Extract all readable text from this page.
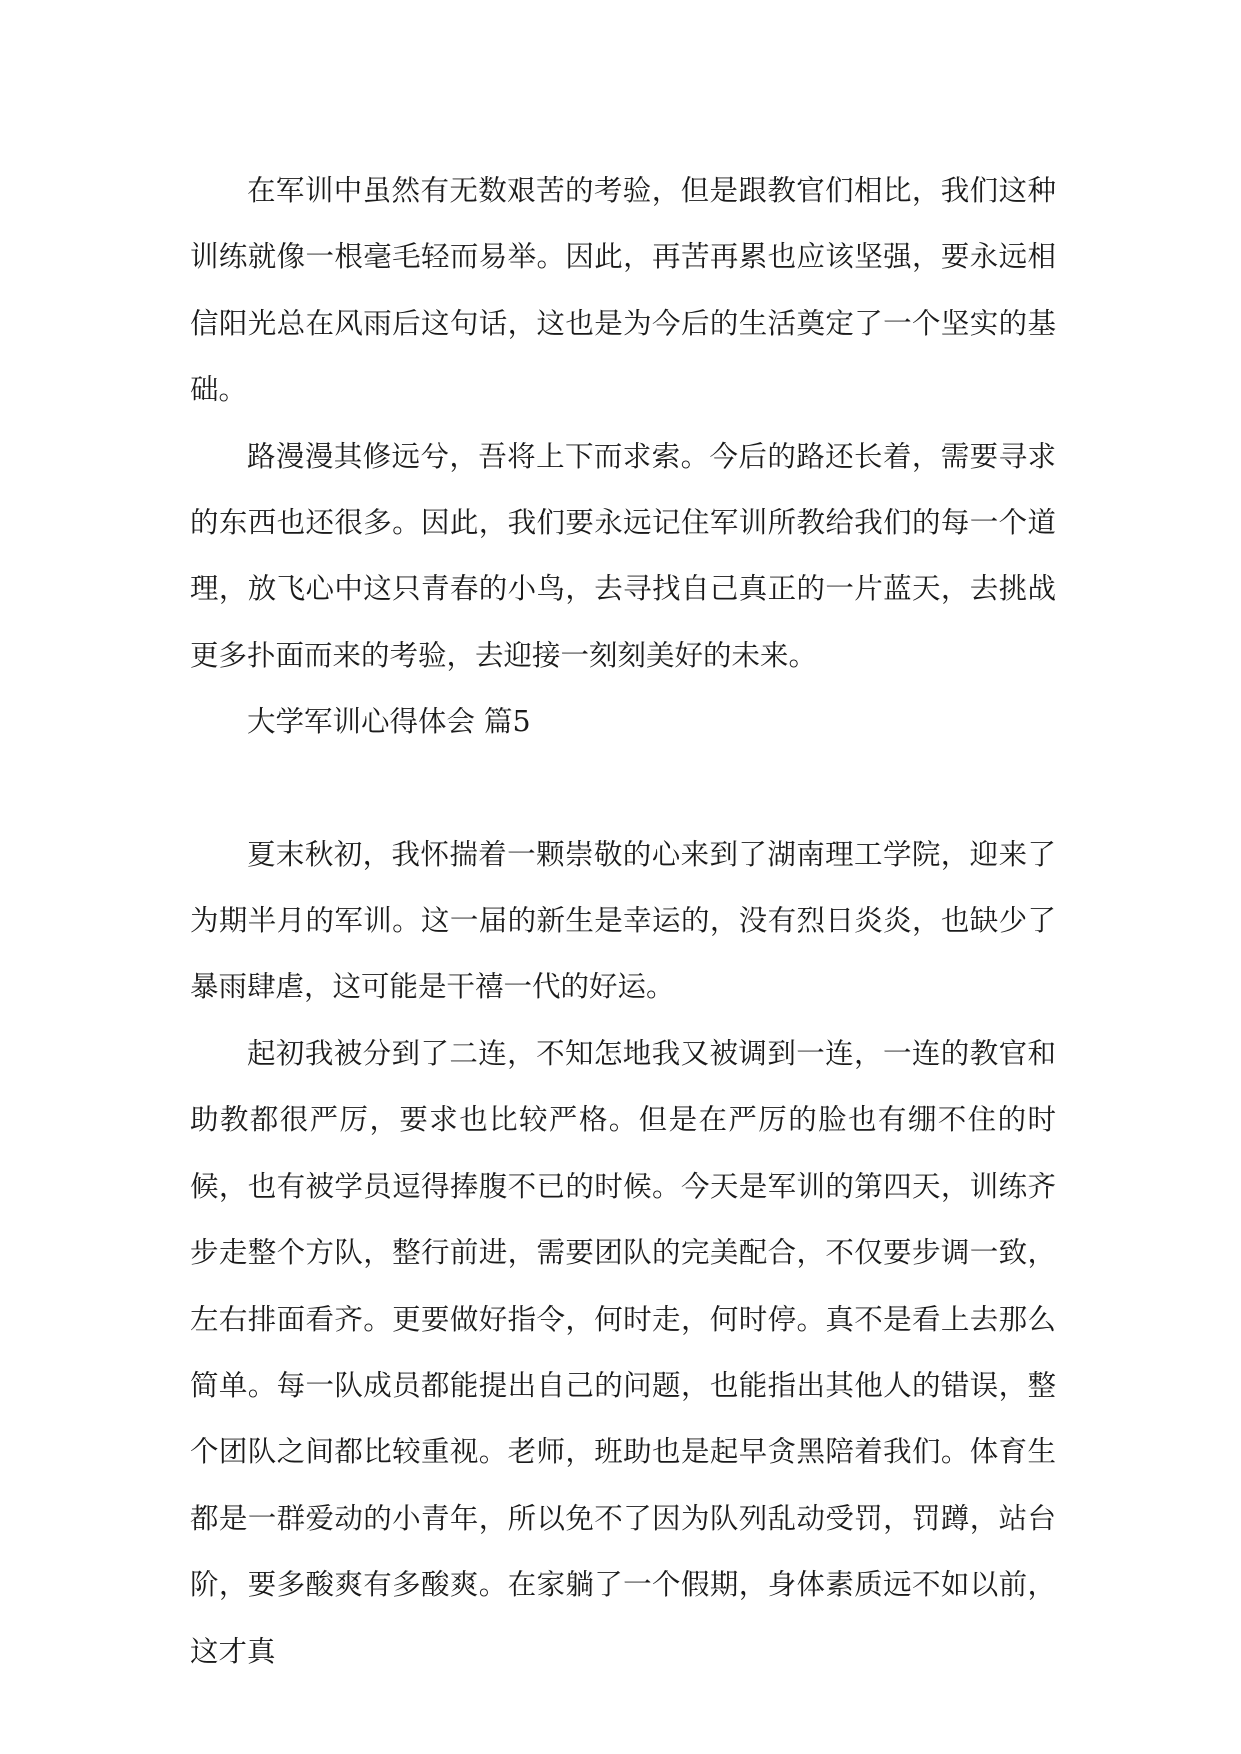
在军训中虽然有无数艰苦的考验，但是跟教官们相比，我们这种训练就像一根毫毛轻而易举。因此，再苦再累也应该坚强，要永远相信阳光总在风雨后这句话，这也是为今后的生活奠定了一个坚实的基础。

路漫漫其修远兮，吾将上下而求索。今后的路还长着，需要寻求的东西也还很多。因此，我们要永远记住军训所教给我们的每一个道理，放飞心中这只青春的小鸟，去寻找自己真正的一片蓝天，去挑战更多扑面而来的考验，去迎接一刻刻美好的未来。

大学军训心得体会 篇5

夏末秋初，我怀揣着一颗崇敬的心来到了湖南理工学院，迎来了为期半月的军训。这一届的新生是幸运的，没有烈日炎炎，也缺少了暴雨肆虐，这可能是干禧一代的好运。

起初我被分到了二连，不知怎地我又被调到一连，一连的教官和助教都很严厉，要求也比较严格。但是在严厉的脸也有绷不住的时候，也有被学员逗得捧腹不已的时候。今天是军训的第四天，训练齐步走整个方队，整行前进，需要团队的完美配合，不仅要步调一致，左右排面看齐。更要做好指令，何时走，何时停。真不是看上去那么简单。每一队成员都能提出自己的问题，也能指出其他人的错误，整个团队之间都比较重视。老师，班助也是起早贪黑陪着我们。体育生都是一群爱动的小青年，所以免不了因为队列乱动受罚，罚蹲，站台阶，要多酸爽有多酸爽。在家躺了一个假期，身体素质远不如以前，这才真
